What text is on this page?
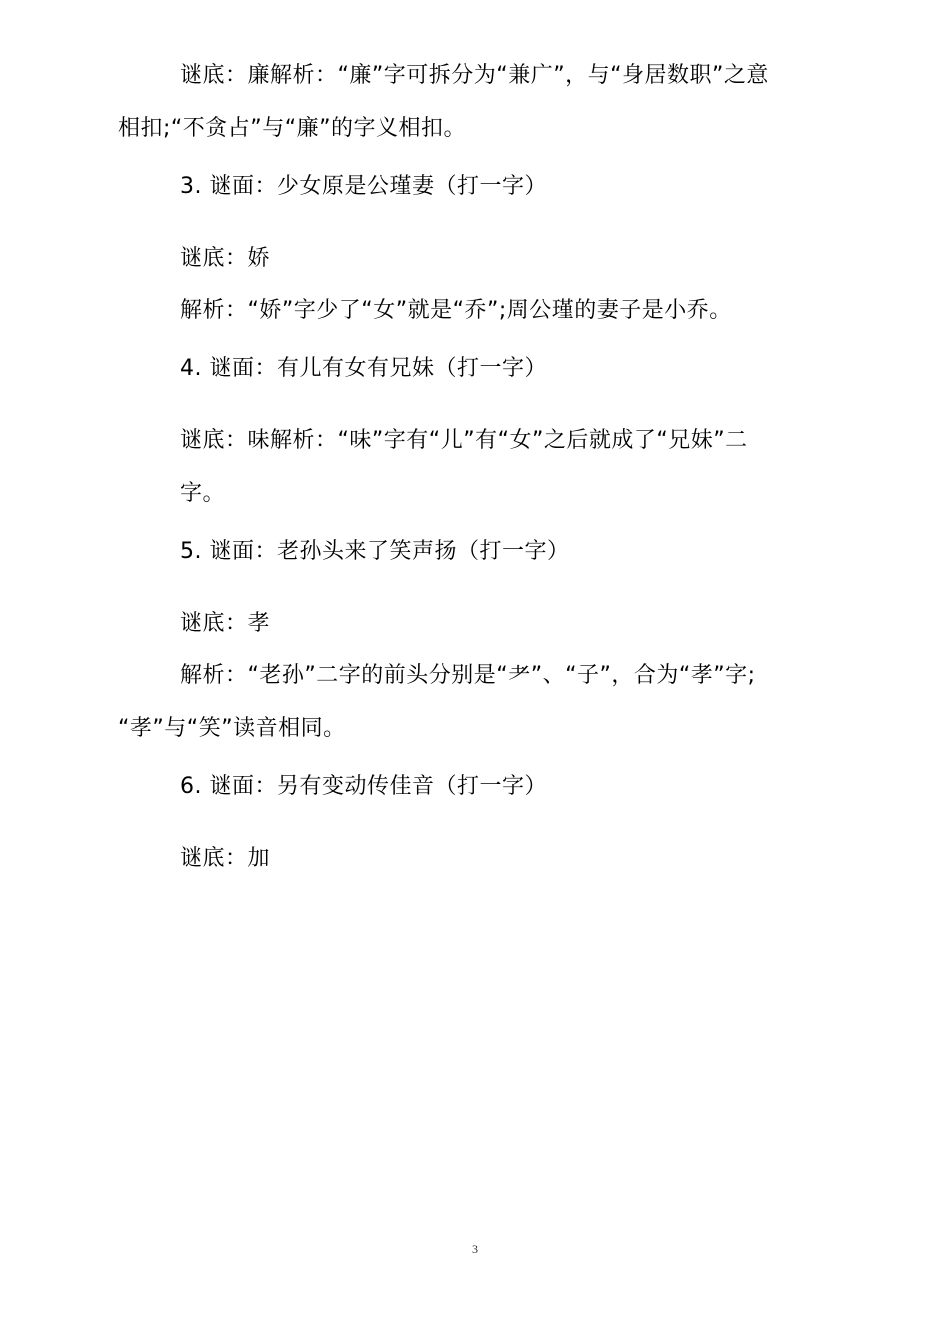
谜底：廉解析：“廉”字可拆分为“兼广”，与“身居数职”之意
相扣;“不贪占”与“廉”的字义相扣。
3. 谜面：少女原是公瑾妻（打一字）
谜底：娇
解析：“娇”字少了“女”就是“乔”;周公瑾的妻子是小乔。
4. 谜面：有儿有女有兄妹（打一字）
谜底：味解析：“味”字有“儿”有“女”之后就成了“兄妹”二
字。
5. 谜面：老孙头来了笑声扬（打一字）
谜底：孝
解析：“老孙”二字的前头分别是“耂”、“子”，合为“孝”字;
“孝”与“笑”读音相同。
6. 谜面：另有变动传佳音（打一字）
谜底：加
3
